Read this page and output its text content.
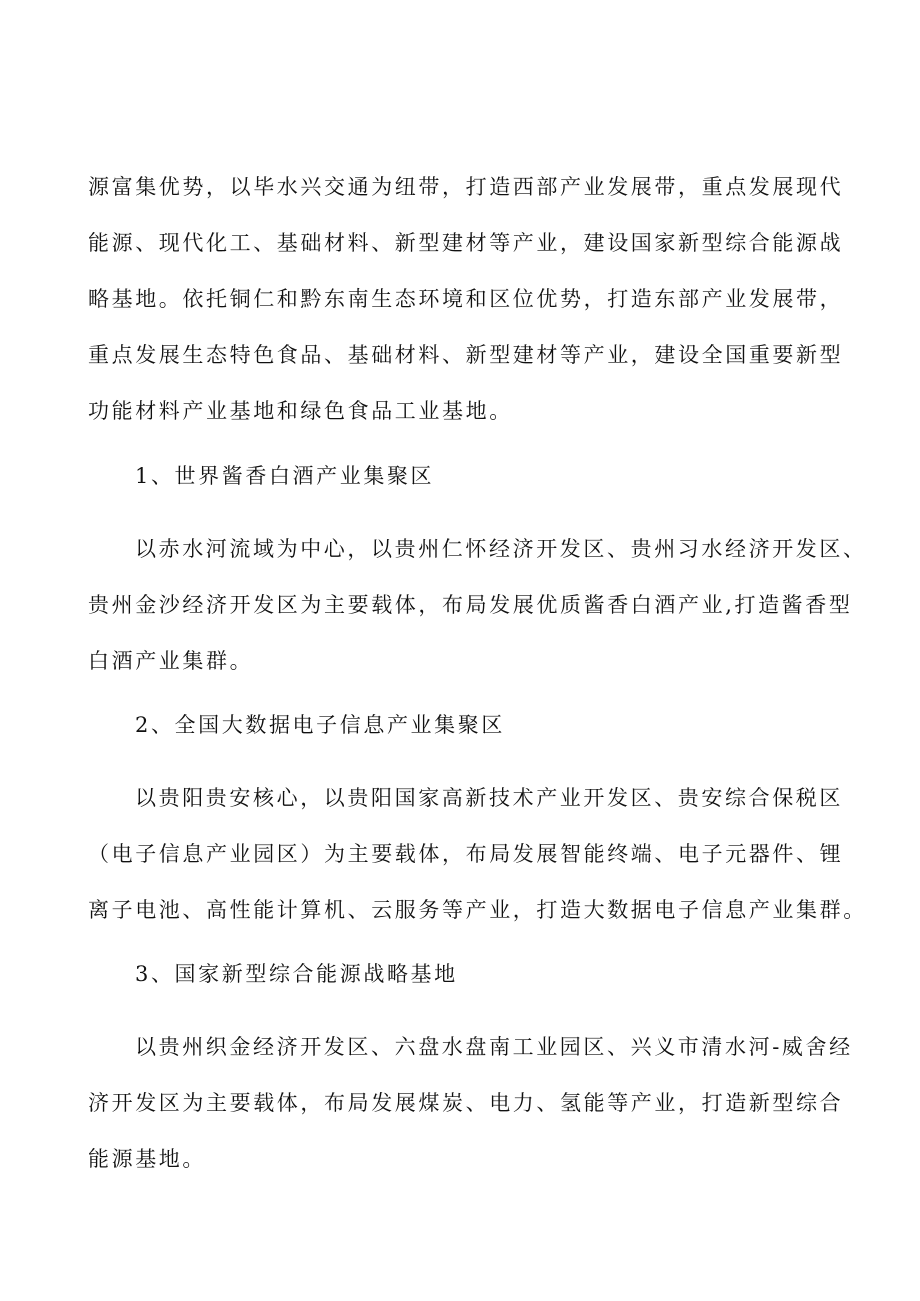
源富集优势，以毕水兴交通为纽带，打造西部产业发展带，重点发展现代
能源、现代化工、基础材料、新型建材等产业，建设国家新型综合能源战
略基地。依托铜仁和黔东南生态环境和区位优势，打造东部产业发展带，
重点发展生态特色食品、基础材料、新型建材等产业，建设全国重要新型
功能材料产业基地和绿色食品工业基地。
1、世界酱香白酒产业集聚区
以赤水河流域为中心，以贵州仁怀经济开发区、贵州习水经济开发区、
贵州金沙经济开发区为主要载体，布局发展优质酱香白酒产业,打造酱香型
白酒产业集群。
2、全国大数据电子信息产业集聚区
以贵阳贵安核心，以贵阳国家高新技术产业开发区、贵安综合保税区
（电子信息产业园区）为主要载体，布局发展智能终端、电子元器件、锂
离子电池、高性能计算机、云服务等产业，打造大数据电子信息产业集群。
3、国家新型综合能源战略基地
以贵州织金经济开发区、六盘水盘南工业园区、兴义市清水河-威舍经
济开发区为主要载体，布局发展煤炭、电力、氢能等产业，打造新型综合
能源基地。
